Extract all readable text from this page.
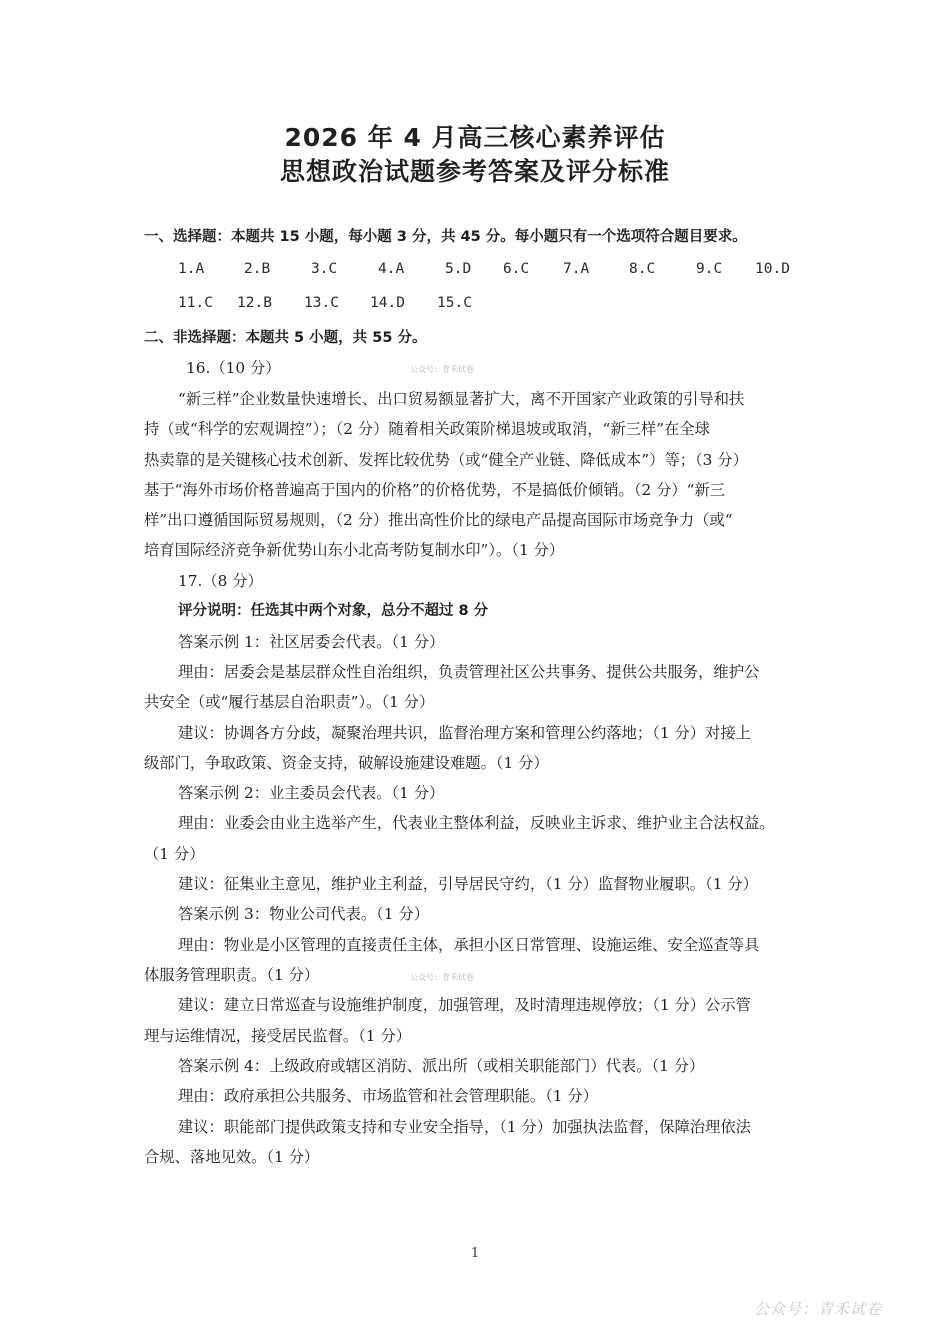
2026 年 4 月高三核心素养评估
思想政治试题参考答案及评分标准
一、选择题：本题共 15 小题，每小题 3 分，共 45 分。每小题只有一个选项符合题目要求。
1.A	2.B	3.C	4.A	5.D 6.C 7.A	8.C	9.C 10.D
11.C 12.B 13.C 14.D 15.C
二、非选择题：本题共 5 小题，共 55 分。
16.（10 分）	公众号：青禾试卷
“新三样”企业数量快速增长、出口贸易额显著扩大，离不开国家产业政策的引导和扶
持（或“科学的宏观调控”）；（2 分）随着相关政策阶梯退坡或取消，“新三样”在全球
热卖靠的是关键核心技术创新、发挥比较优势（或“健全产业链、降低成本”）等；（3 分）
基于“海外市场价格普遍高于国内的价格”的价格优势，不是搞低价倾销。（2 分）“新三
样”出口遵循国际贸易规则，（2 分）推出高性价比的绿电产品提高国际市场竞争力（或“
培育国际经济竞争新优势山东小北高考防复制水印”）。（1 分）
17.（8 分）
评分说明：任选其中两个对象，总分不超过 8 分
答案示例 1：社区居委会代表。（1 分）
理由：居委会是基层群众性自治组织，负责管理社区公共事务、提供公共服务，维护公
共安全（或“履行基层自治职责”）。（1 分）
建议：协调各方分歧，凝聚治理共识，监督治理方案和管理公约落地；（1 分）对接上
级部门，争取政策、资金支持，破解设施建设难题。（1 分）
答案示例 2：业主委员会代表。（1 分）
理由：业委会由业主选举产生，代表业主整体利益，反映业主诉求、维护业主合法权益。
（1 分）
建议：征集业主意见，维护业主利益，引导居民守约，（1 分）监督物业履职。（1 分）
答案示例 3：物业公司代表。（1 分）
理由：物业是小区管理的直接责任主体，承担小区日常管理、设施运维、安全巡查等具
体服务管理职责。（1 分）	公众号：青禾试卷
建议：建立日常巡查与设施维护制度，加强管理，及时清理违规停放；（1 分）公示管
理与运维情况，接受居民监督。（1 分）
答案示例 4：上级政府或辖区消防、派出所（或相关职能部门）代表。（1 分）
理由：政府承担公共服务、市场监管和社会管理职能。（1 分）
建议：职能部门提供政策支持和专业安全指导，（1 分）加强执法监督，保障治理依法
合规、落地见效。（1 分）
1
公众号：青禾试卷
